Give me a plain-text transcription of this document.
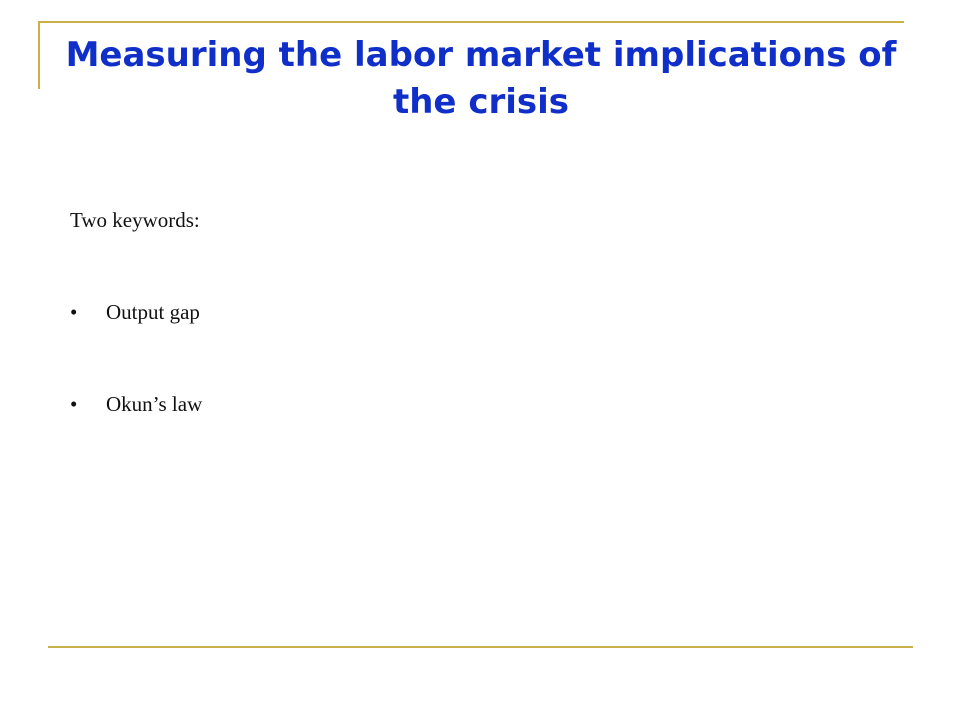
Measuring the labor market implications of the crisis
Two keywords:
• Output gap
• Okun’s law
